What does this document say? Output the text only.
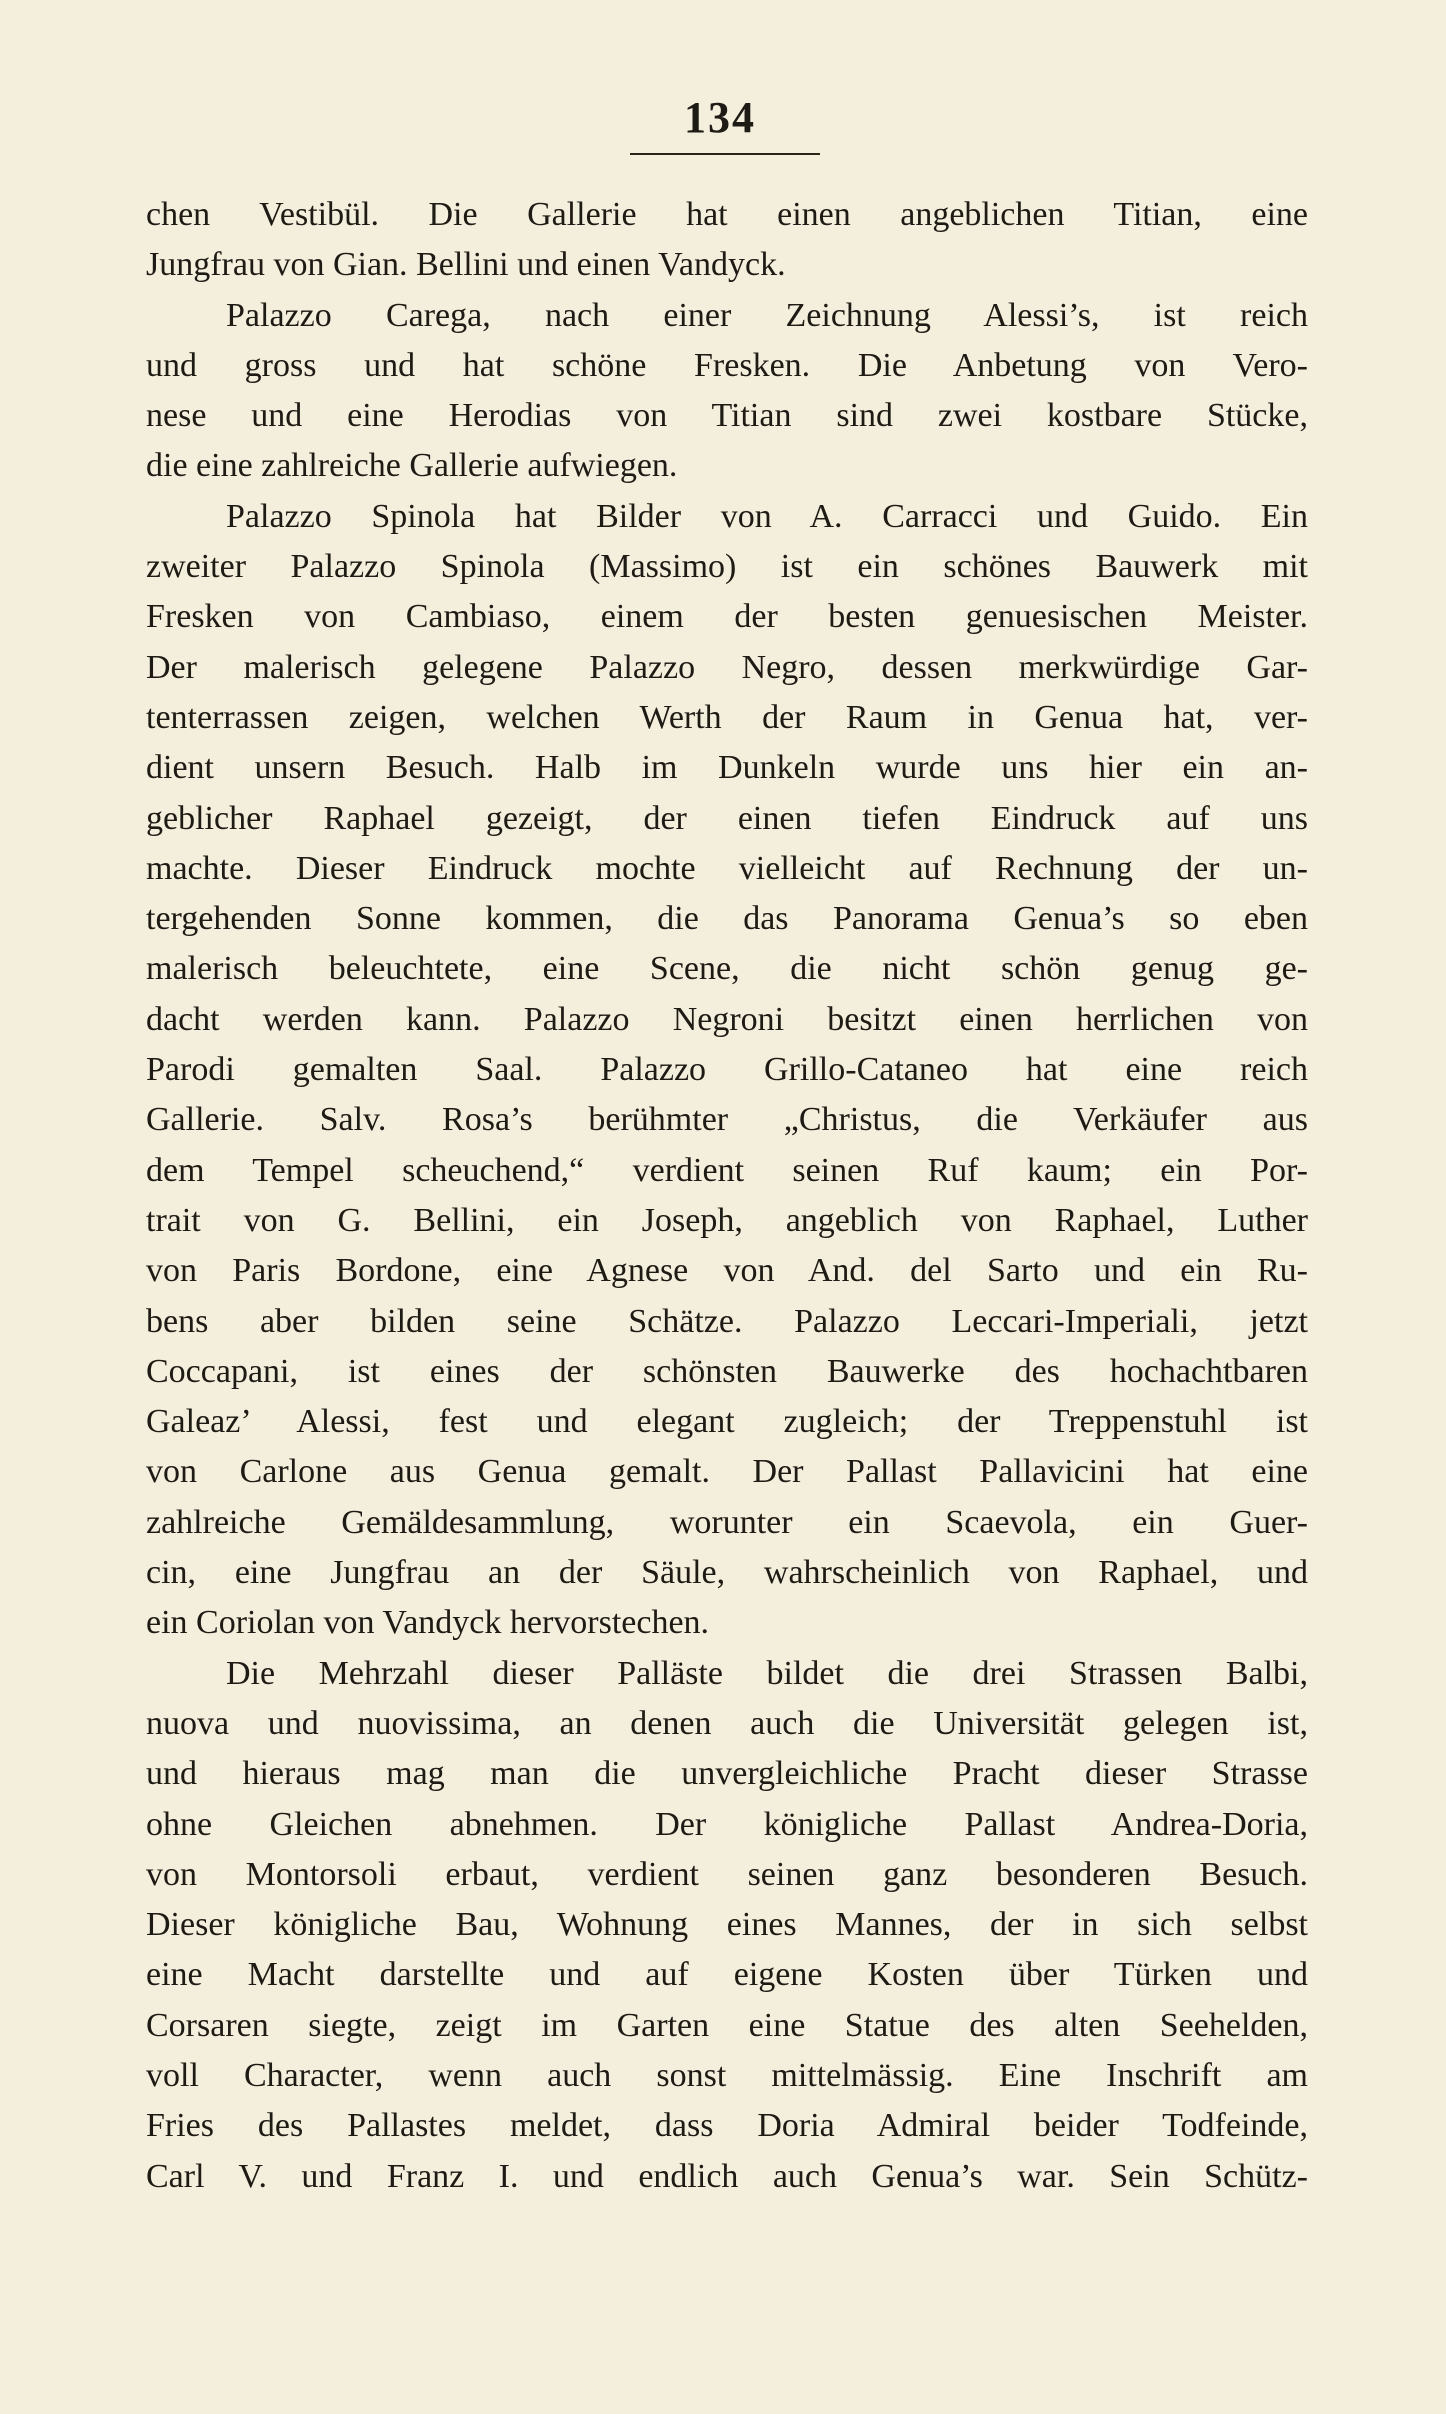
134
chen Vestibül. Die Gallerie hat einen angeblichen Titian, eine
Jungfrau von Gian. Bellini und einen Vandyck.
Palazzo Carega, nach einer Zeichnung Alessi’s, ist reich
und gross und hat schöne Fresken. Die Anbetung von Vero-
nese und eine Herodias von Titian sind zwei kostbare Stücke,
die eine zahlreiche Gallerie aufwiegen.
Palazzo Spinola hat Bilder von A. Carracci und Guido. Ein
zweiter Palazzo Spinola (Massimo) ist ein schönes Bauwerk mit
Fresken von Cambiaso, einem der besten genuesischen Meister.
Der malerisch gelegene Palazzo Negro, dessen merkwürdige Gar-
tenterrassen zeigen, welchen Werth der Raum in Genua hat, ver-
dient unsern Besuch. Halb im Dunkeln wurde uns hier ein an-
geblicher Raphael gezeigt, der einen tiefen Eindruck auf uns
machte. Dieser Eindruck mochte vielleicht auf Rechnung der un-
tergehenden Sonne kommen, die das Panorama Genua’s so eben
malerisch beleuchtete, eine Scene, die nicht schön genug ge-
dacht werden kann. Palazzo Negroni besitzt einen herrlichen von
Parodi gemalten Saal. Palazzo Grillo-Cataneo hat eine reich
Gallerie. Salv. Rosa’s berühmter „Christus, die Verkäufer aus
dem Tempel scheuchend,“ verdient seinen Ruf kaum; ein Por-
trait von G. Bellini, ein Joseph, angeblich von Raphael, Luther
von Paris Bordone, eine Agnese von And. del Sarto und ein Ru-
bens aber bilden seine Schätze. Palazzo Leccari-Imperiali, jetzt
Coccapani, ist eines der schönsten Bauwerke des hochachtbaren
Galeaz’ Alessi, fest und elegant zugleich; der Treppenstuhl ist
von Carlone aus Genua gemalt. Der Pallast Pallavicini hat eine
zahlreiche Gemäldesammlung, worunter ein Scaevola, ein Guer-
cin, eine Jungfrau an der Säule, wahrscheinlich von Raphael, und
ein Coriolan von Vandyck hervorstechen.
Die Mehrzahl dieser Palläste bildet die drei Strassen Balbi,
nuova und nuovissima, an denen auch die Universität gelegen ist,
und hieraus mag man die unvergleichliche Pracht dieser Strasse
ohne Gleichen abnehmen. Der königliche Pallast Andrea-Doria,
von Montorsoli erbaut, verdient seinen ganz besonderen Besuch.
Dieser königliche Bau, Wohnung eines Mannes, der in sich selbst
eine Macht darstellte und auf eigene Kosten über Türken und
Corsaren siegte, zeigt im Garten eine Statue des alten Seehelden,
voll Character, wenn auch sonst mittelmässig. Eine Inschrift am
Fries des Pallastes meldet, dass Doria Admiral beider Todfeinde,
Carl V. und Franz I. und endlich auch Genua’s war. Sein Schütz-
